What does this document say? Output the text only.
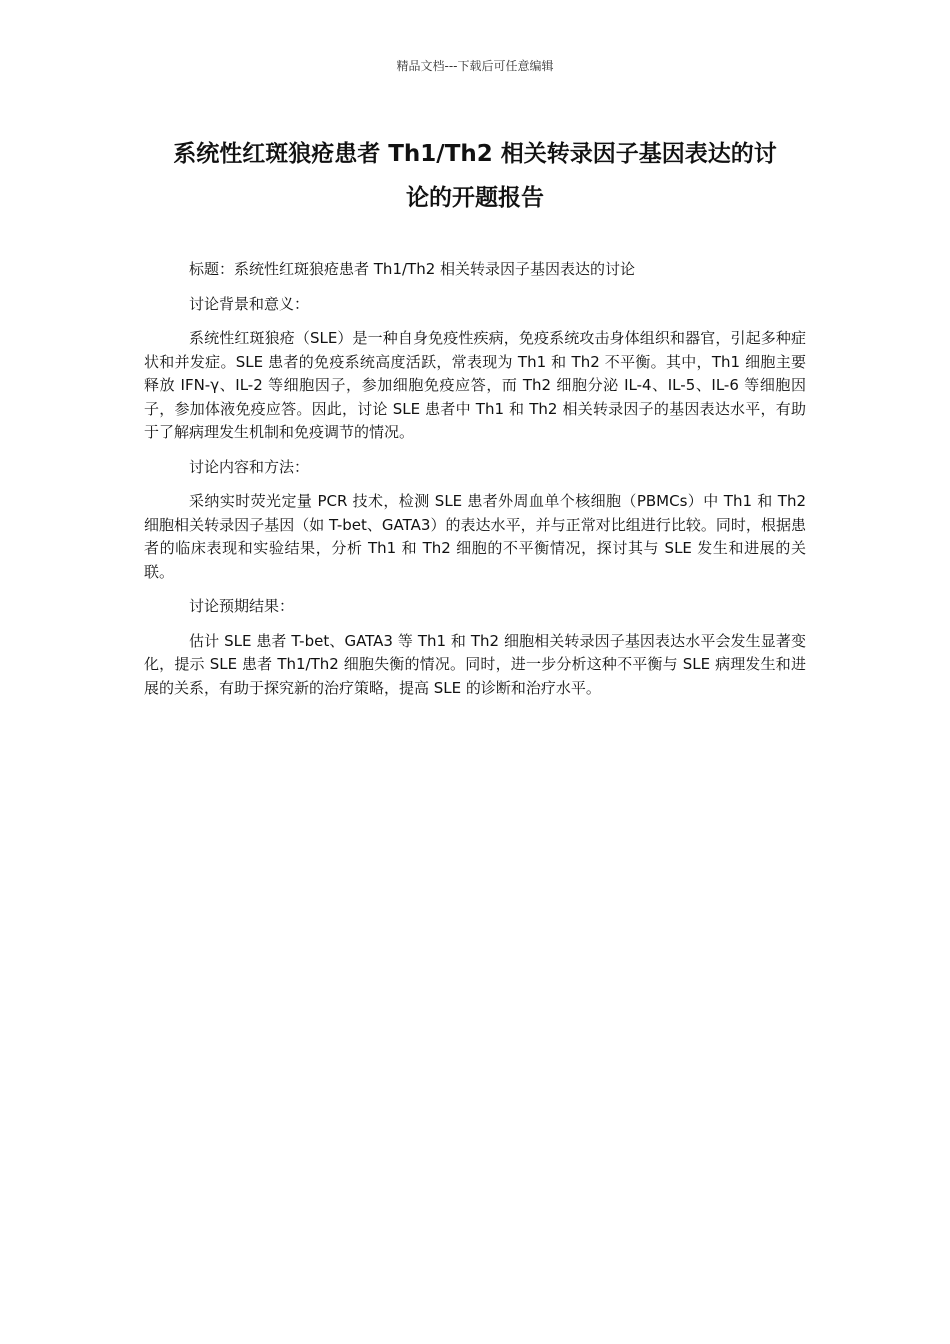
精品文档---下载后可任意编辑
系统性红斑狼疮患者 Th1/Th2 相关转录因子基因表达的讨
论的开题报告

标题：系统性红斑狼疮患者 Th1/Th2 相关转录因子基因表达的讨论

讨论背景和意义：

系统性红斑狼疮（SLE）是一种自身免疫性疾病，免疫系统攻击身体组织和器官，引起多种症状和并发症。SLE 患者的免疫系统高度活跃，常表现为 Th1 和 Th2 不平衡。其中，Th1 细胞主要释放 IFN-γ、IL-2 等细胞因子，参加细胞免疫应答，而 Th2 细胞分泌 IL-4、IL-5、IL-6 等细胞因子，参加体液免疫应答。因此，讨论 SLE 患者中 Th1 和 Th2 相关转录因子的基因表达水平，有助于了解病理发生机制和免疫调节的情况。

讨论内容和方法：

采纳实时荧光定量 PCR 技术，检测 SLE 患者外周血单个核细胞（PBMCs）中 Th1 和 Th2 细胞相关转录因子基因（如 T-bet、GATA3）的表达水平，并与正常对比组进行比较。同时，根据患者的临床表现和实验结果，分析 Th1 和 Th2 细胞的不平衡情况，探讨其与 SLE 发生和进展的关联。

讨论预期结果：

估计 SLE 患者 T-bet、GATA3 等 Th1 和 Th2 细胞相关转录因子基因表达水平会发生显著变化，提示 SLE 患者 Th1/Th2 细胞失衡的情况。同时，进一步分析这种不平衡与 SLE 病理发生和进展的关系，有助于探究新的治疗策略，提高 SLE 的诊断和治疗水平。
